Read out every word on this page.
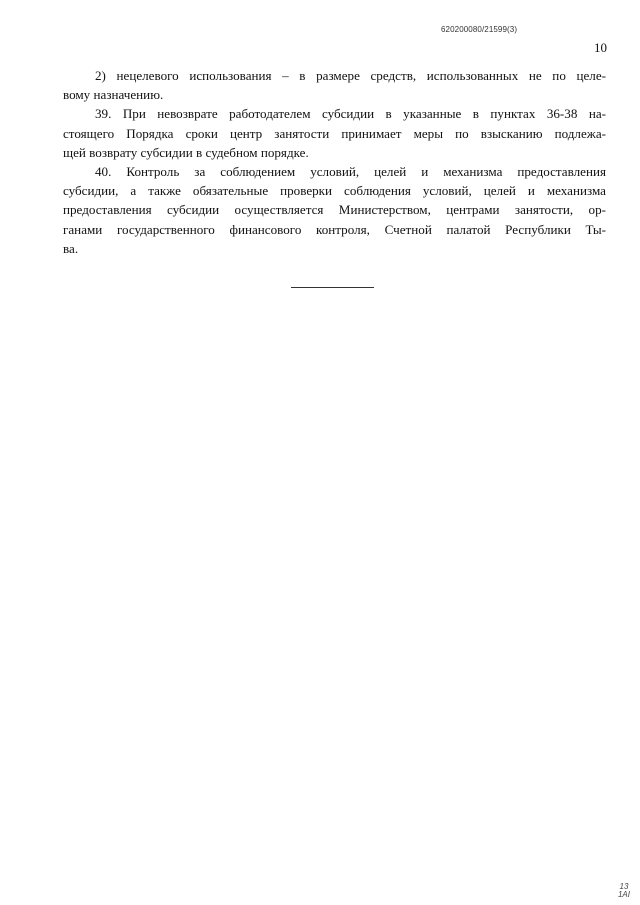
620200080/21599(3)
10
2) нецелевого использования – в размере средств, использованных не по целе-
вому назначению.
39. При невозврате работодателем субсидии в указанные в пунктах 36-38 на-
стоящего Порядка сроки центр занятости принимает меры по взысканию подлежа-
щей возврату субсидии в судебном порядке.
40. Контроль за соблюдением условий, целей и механизма предоставления
субсидии, а также обязательные проверки соблюдения условий, целей и механизма
предоставления субсидии осуществляется Министерством, центрами занятости, ор-
ганами государственного финансового контроля, Счетной палатой Республики Ты-
ва.
13
1AI
